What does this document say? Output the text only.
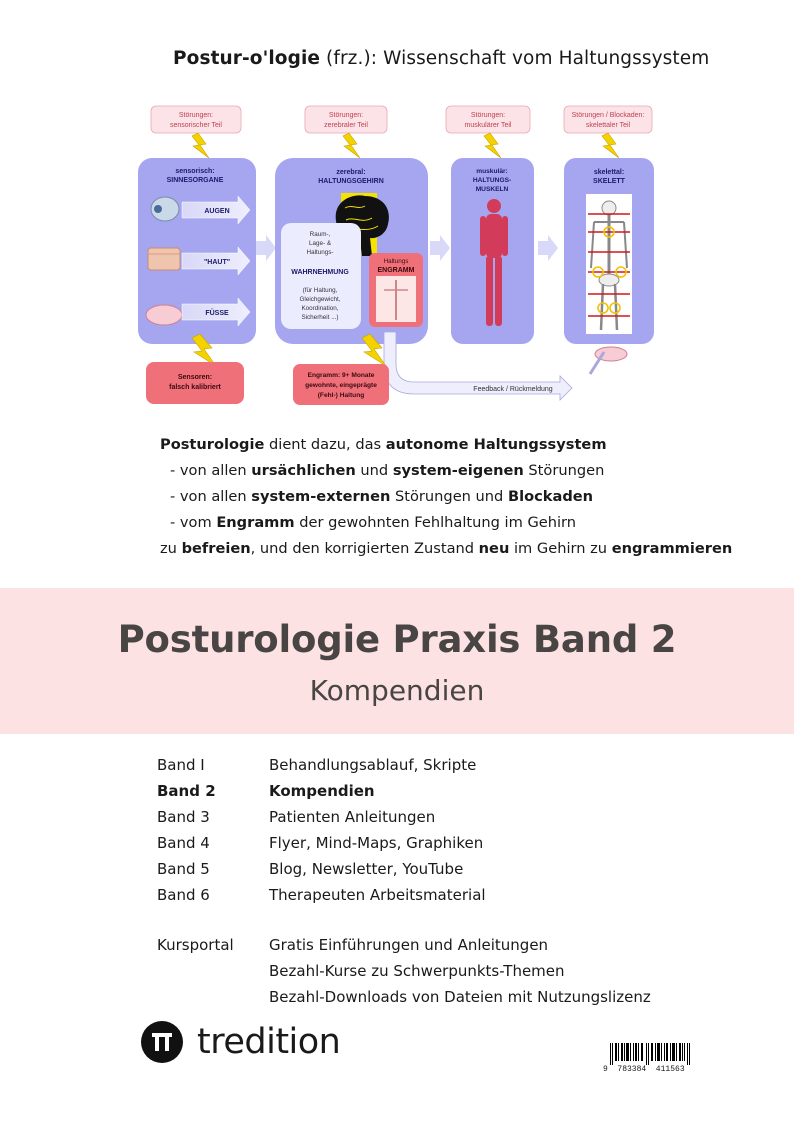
Postur-o'logie (frz.): Wissenschaft vom Haltungssystem
Störungen:
sensorischer Teil
Störungen:
zerebraler Teil
Störungen:
muskulärer Teil
Störungen / Blockaden:
skelettaler Teil
sensorisch:
SINNESORGANE
AUGEN
"HAUT"
FÜSSE
zerebral:
HALTUNGSGEHIRN
Raum-,
Lage- &
Haltungs-
WAHRNEHMUNG
(für Haltung,
Gleichgewicht,
Koordination,
Sicherheit ...)
Haltungs
ENGRAMM
muskulär:
HALTUNGS-
MUSKELN
skelettal:
SKELETT
Feedback / Rückmeldung
Sensoren:
falsch kalibriert
Engramm: 9+ Monate
gewohnte, eingeprägte
(Fehl-) Haltung
Posturologie dient dazu, das autonome Haltungssystem
- von allen ursächlichen und system-eigenen Störungen
- von allen system-externen Störungen und Blockaden
- vom Engramm der gewohnten Fehlhaltung im Gehirn
zu befreien, und den korrigierten Zustand neu im Gehirn zu engrammieren
Posturologie Praxis Band 2
Kompendien
Band I	Behandlungsablauf, Skripte
Band 2	Kompendien
Band 3	Patienten Anleitungen
Band 4	Flyer, Mind-Maps, Graphiken
Band 5	Blog, Newsletter, YouTube
Band 6	Therapeuten Arbeitsmaterial
Kursportal	Gratis Einführungen und Anleitungen
Bezahl-Kurse zu Schwerpunkts-Themen
Bezahl-Downloads von Dateien mit Nutzungslizenz
tredition
9  783384  411563
